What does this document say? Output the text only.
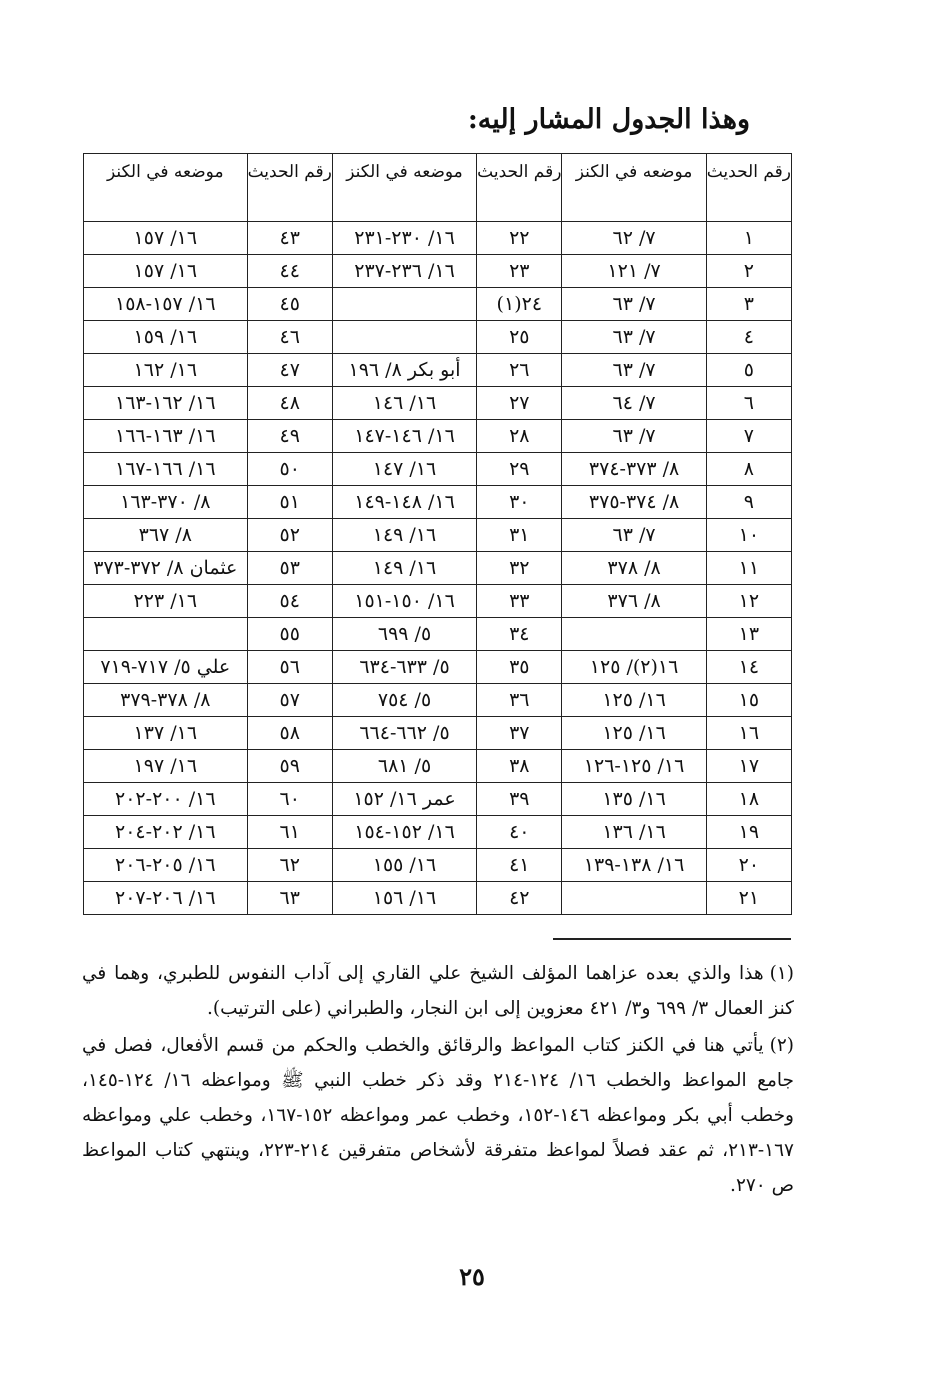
وهذا الجدول المشار إليه:
رقم الحديث	موضعه في الكنز	رقم الحديث	موضعه في الكنز	رقم الحديث	موضعه في الكنز
١	٧/ ٦٢	٢٢	١٦/ ٢٣٠-٢٣١	٤٣	١٦/ ١٥٧
٢	٧/ ١٢١	٢٣	١٦/ ٢٣٦-٢٣٧	٤٤	١٦/ ١٥٧
٣	٧/ ٦٣	٢٤(١)		٤٥	١٦/ ١٥٧-١٥٨
٤	٧/ ٦٣	٢٥		٤٦	١٦/ ١٥٩
٥	٧/ ٦٣	٢٦	أبو بكر ٨/ ١٩٦	٤٧	١٦/ ١٦٢
٦	٧/ ٦٤	٢٧	١٦/ ١٤٦	٤٨	١٦/ ١٦٢-١٦٣
٧	٧/ ٦٣	٢٨	١٦/ ١٤٦-١٤٧	٤٩	١٦/ ١٦٣-١٦٦
٨	٨/ ٣٧٣-٣٧٤	٢٩	١٦/ ١٤٧	٥٠	١٦/ ١٦٦-١٦٧
٩	٨/ ٣٧٤-٣٧٥	٣٠	١٦/ ١٤٨-١٤٩	٥١	٨/ ٣٧٠-١٦٣
١٠	٧/ ٦٣	٣١	١٦/ ١٤٩	٥٢	٨/ ٣٦٧
١١	٨/ ٣٧٨	٣٢	١٦/ ١٤٩	٥٣	عثمان ٨/ ٣٧٢-٣٧٣
١٢	٨/ ٣٧٦	٣٣	١٦/ ١٥٠-١٥١	٥٤	١٦/ ٢٢٣
١٣		٣٤	٥/ ٦٩٩	٥٥	
١٤	١٦(٢)/ ١٢٥	٣٥	٥/ ٦٣٣-٦٣٤	٥٦	علي ٥/ ٧١٧-٧١٩
١٥	١٦/ ١٢٥	٣٦	٥/ ٧٥٤	٥٧	٨/ ٣٧٨-٣٧٩
١٦	١٦/ ١٢٥	٣٧	٥/ ٦٦٢-٦٦٤	٥٨	١٦/ ١٣٧
١٧	١٦/ ١٢٥-١٢٦	٣٨	٥/ ٦٨١	٥٩	١٦/ ١٩٧
١٨	١٦/ ١٣٥	٣٩	عمر ١٦/ ١٥٢	٦٠	١٦/ ٢٠٠-٢٠٢
١٩	١٦/ ١٣٦	٤٠	١٦/ ١٥٢-١٥٤	٦١	١٦/ ٢٠٢-٢٠٤
٢٠	١٦/ ١٣٨-١٣٩	٤١	١٦/ ١٥٥	٦٢	١٦/ ٢٠٥-٢٠٦
٢١		٤٢	١٦/ ١٥٦	٦٣	١٦/ ٢٠٦-٢٠٧

(١)هذا والذي بعده عزاهما المؤلف الشيخ علي القاري إلى آداب النفوس للطبري، وهما في كنز العمال ٣/ ٦٩٩ و٣/ ٤٢١ معزوين إلى ابن النجار، والطبراني (على الترتيب).

(٢)يأتي هنا في الكنز كتاب المواعظ والرقائق والخطب والحكم من قسم الأفعال، فصل في جامع المواعظ والخطب ١٦/ ١٢٤-٢١٤ وقد ذكر خطب النبي ﷺ ومواعظه ١٦/ ١٢٤-١٤٥، وخطب أبي بكر ومواعظه ١٤٦-١٥٢، وخطب عمر ومواعظه ١٥٢-١٦٧، وخطب علي ومواعظه ١٦٧-٢١٣، ثم عقد فصلاً لمواعظ متفرقة لأشخاص متفرقين ٢١٤-٢٢٣، وينتهي كتاب المواعظ ص ٢٧٠.

٢٥
